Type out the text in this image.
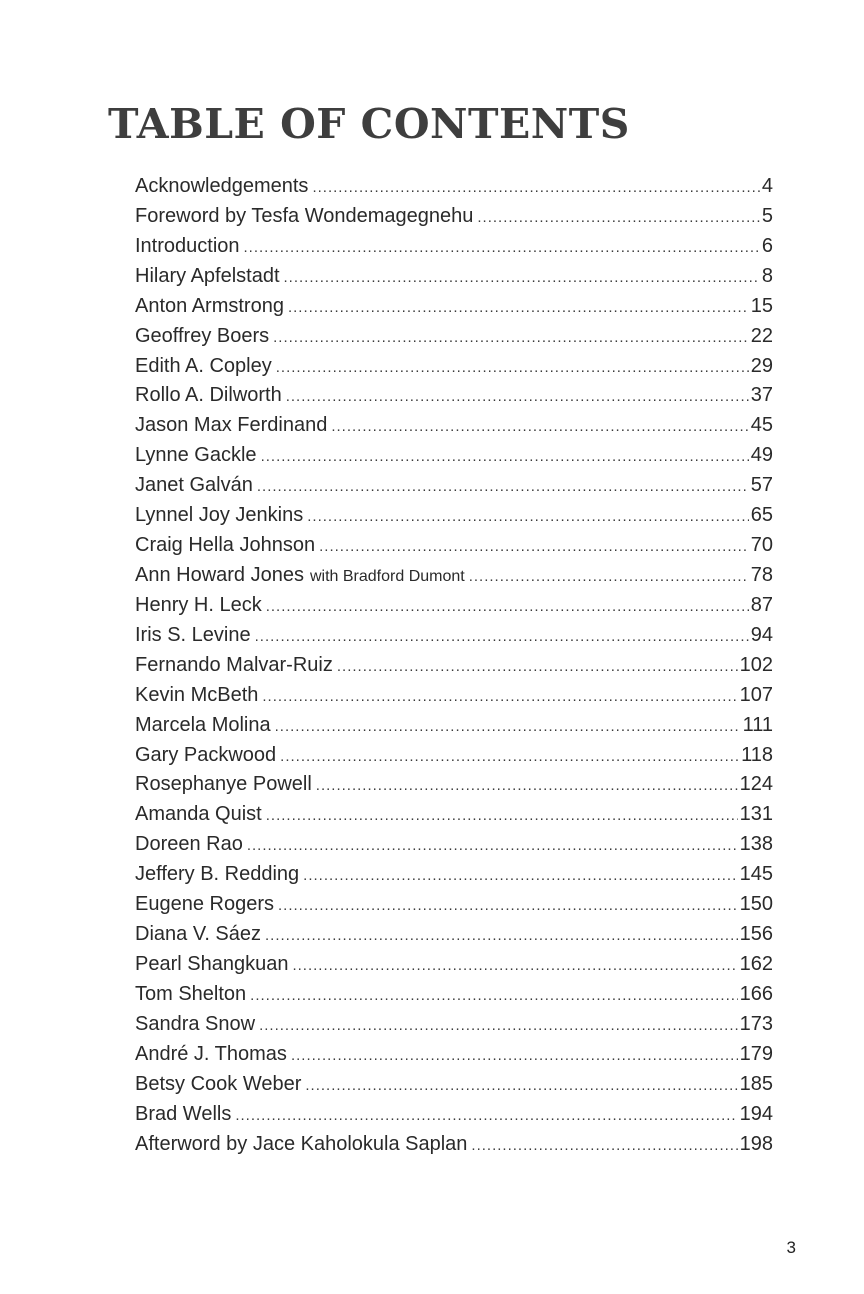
TABLE OF CONTENTS
Acknowledgements .....	4
Foreword by Tesfa Wondemagegnehu .....	5
Introduction .....	6
Hilary Apfelstadt .....	8
Anton Armstrong .....	15
Geoffrey Boers .....	22
Edith A. Copley .....	29
Rollo A. Dilworth .....	37
Jason Max Ferdinand .....	45
Lynne Gackle .....	49
Janet Galván .....	57
Lynnel Joy Jenkins .....	65
Craig Hella Johnson .....	70
Ann Howard Jones with Bradford Dumont .....	78
Henry H. Leck .....	87
Iris S. Levine .....	94
Fernando Malvar-Ruiz .....	102
Kevin McBeth .....	107
Marcela Molina .....	111
Gary Packwood .....	118
Rosephanye Powell .....	124
Amanda Quist .....	131
Doreen Rao .....	138
Jeffery B. Redding .....	145
Eugene Rogers .....	150
Diana V. Sáez .....	156
Pearl Shangkuan .....	162
Tom Shelton .....	166
Sandra Snow .....	173
André J. Thomas .....	179
Betsy Cook Weber .....	185
Brad Wells .....	194
Afterword by Jace Kaholokula Saplan .....	198
3
